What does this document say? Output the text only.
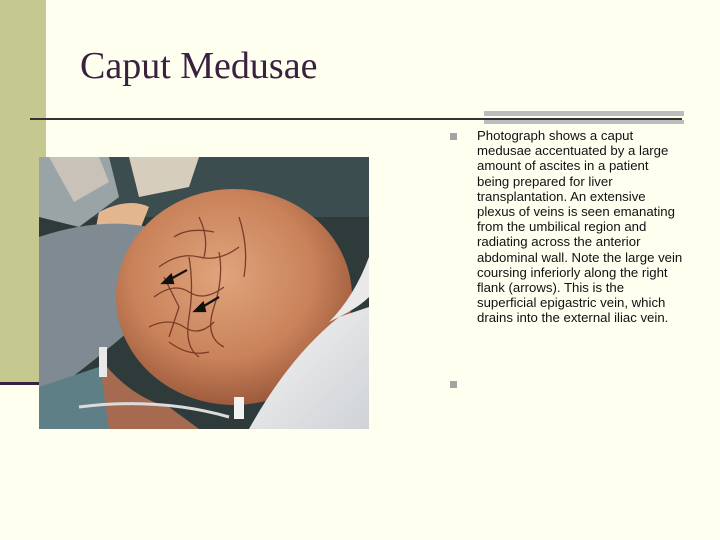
Caput Medusae
Photograph shows a caput medusae accentuated by a large amount of ascites in a patient being prepared for liver transplantation. An extensive plexus of veins is seen emanating from the umbilical region and radiating across the anterior abdominal wall. Note the large vein coursing inferiorly along the right flank (arrows). This is the superficial epigastric vein, which drains into the external iliac vein.
